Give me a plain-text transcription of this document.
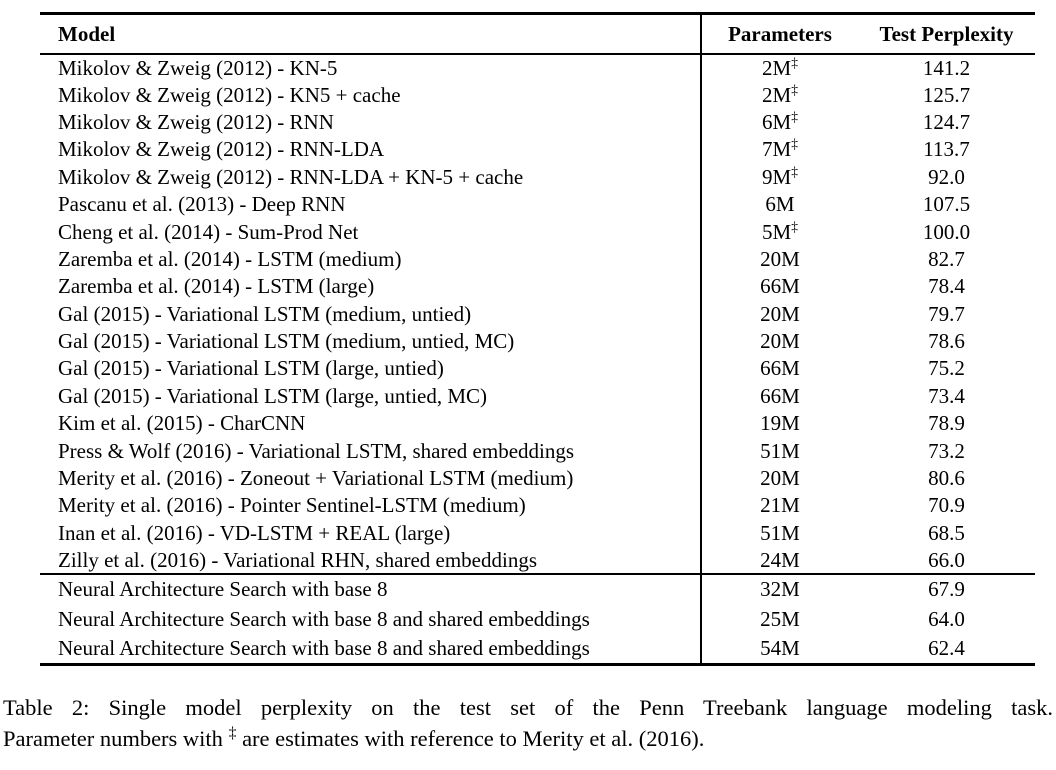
Model	Parameters	Test Perplexity
Mikolov & Zweig (2012) - KN-5	2M‡	141.2
Mikolov & Zweig (2012) - KN5 + cache	2M‡	125.7
Mikolov & Zweig (2012) - RNN	6M‡	124.7
Mikolov & Zweig (2012) - RNN-LDA	7M‡	113.7
Mikolov & Zweig (2012) - RNN-LDA + KN-5 + cache	9M‡	92.0
Pascanu et al. (2013) - Deep RNN	6M	107.5
Cheng et al. (2014) - Sum-Prod Net	5M‡	100.0
Zaremba et al. (2014) - LSTM (medium)	20M	82.7
Zaremba et al. (2014) - LSTM (large)	66M	78.4
Gal (2015) - Variational LSTM (medium, untied)	20M	79.7
Gal (2015) - Variational LSTM (medium, untied, MC)	20M	78.6
Gal (2015) - Variational LSTM (large, untied)	66M	75.2
Gal (2015) - Variational LSTM (large, untied, MC)	66M	73.4
Kim et al. (2015) - CharCNN	19M	78.9
Press & Wolf (2016) - Variational LSTM, shared embeddings	51M	73.2
Merity et al. (2016) - Zoneout + Variational LSTM (medium)	20M	80.6
Merity et al. (2016) - Pointer Sentinel-LSTM (medium)	21M	70.9
Inan et al. (2016) - VD-LSTM + REAL (large)	51M	68.5
Zilly et al. (2016) - Variational RHN, shared embeddings	24M	66.0
Neural Architecture Search with base 8	32M	67.9
Neural Architecture Search with base 8 and shared embeddings	25M	64.0
Neural Architecture Search with base 8 and shared embeddings	54M	62.4

Table 2: Single model perplexity on the test set of the Penn Treebank language modeling task.
Parameter numbers with ‡ are estimates with reference to Merity et al. (2016).
